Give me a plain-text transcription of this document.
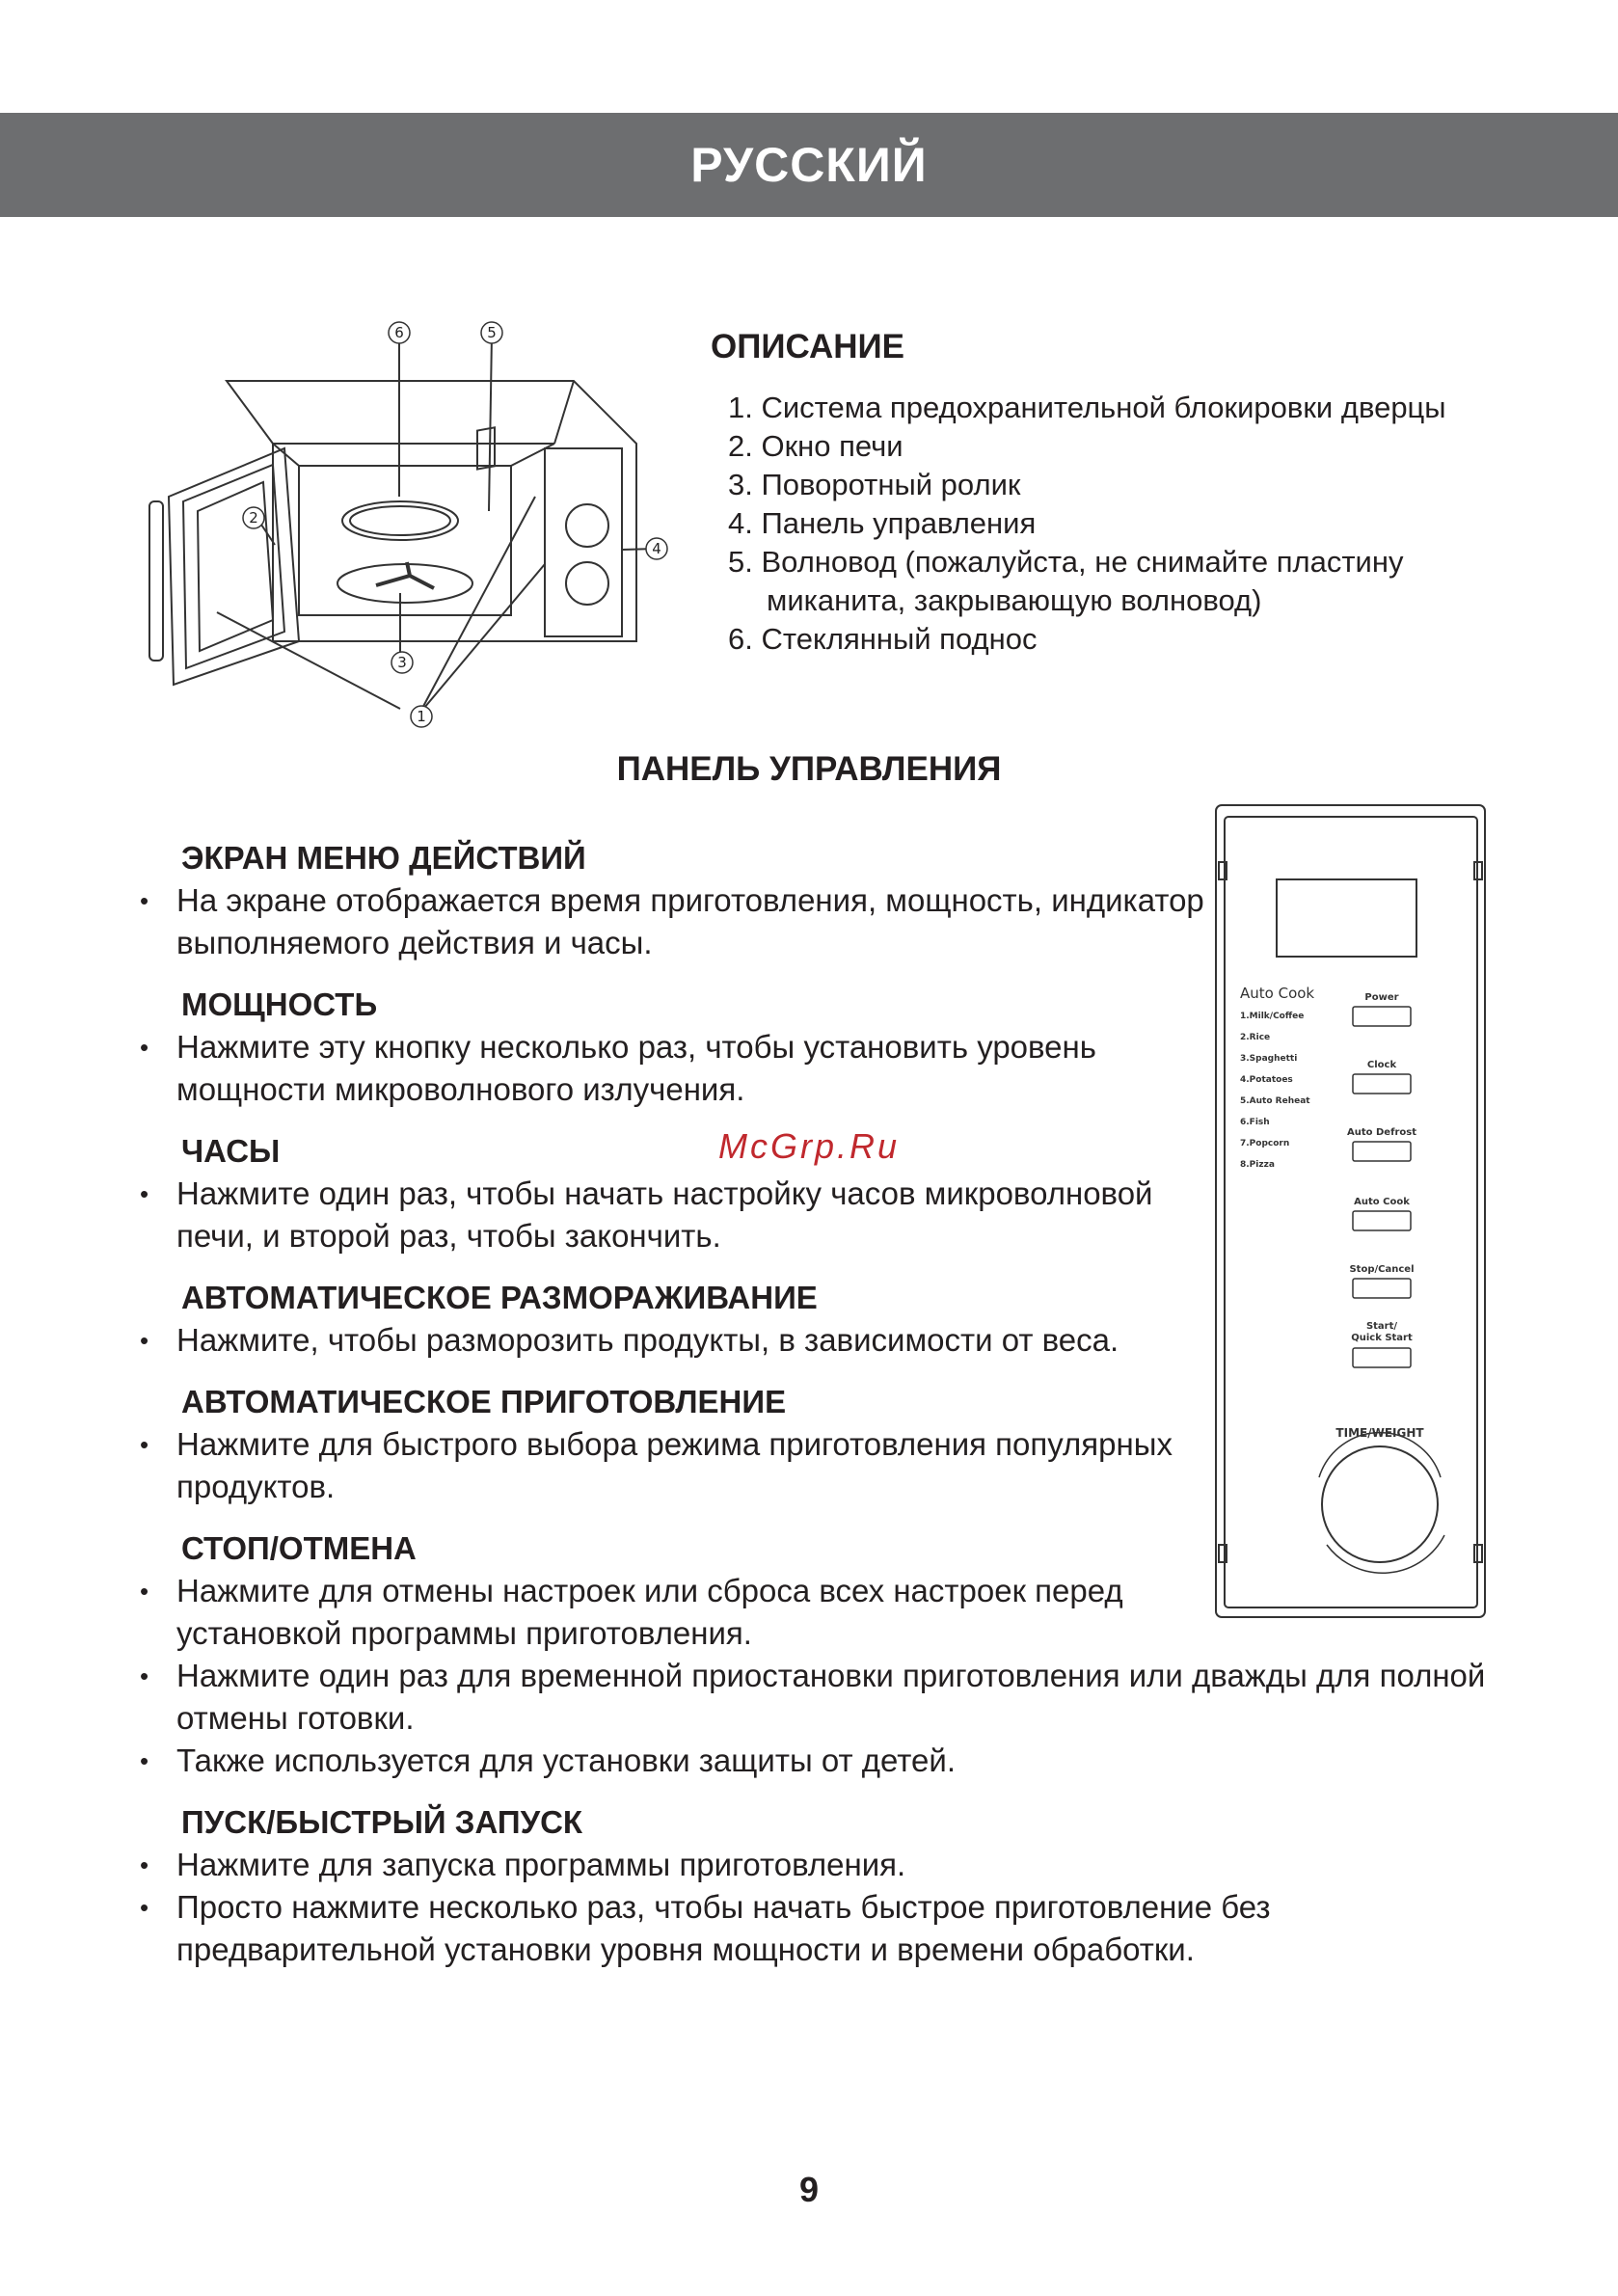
РУССКИЙ
6	5
2
4
3
1
ОПИСАНИЕ
1. Система предохранительной блокировки дверцы
2. Окно печи
3. Поворотный ролик
4. Панель управления
5. Волновод (пожалуйста, не снимайте пластину
миканита, закрывающую волновод)
6. Стеклянный поднос
ПАНЕЛЬ УПРАВЛЕНИЯ
ЭКРАН МЕНЮ ДЕЙСТВИЙ
• На экране отображается время приготовления, мощность, индикатор выполняемого действия и часы.
МОЩНОСТЬ
• Нажмите эту кнопку несколько раз, чтобы установить уровень мощности микроволнового излучения.
ЧАСЫ
• Нажмите один раз, чтобы начать настройку часов микроволновой печи, и второй раз, чтобы закончить.
АВТОМАТИЧЕСКОЕ РАЗМОРАЖИВАНИЕ
• Нажмите, чтобы разморозить продукты, в зависимости от веса.
АВТОМАТИЧЕСКОЕ ПРИГОТОВЛЕНИЕ
• Нажмите для быстрого выбора режима приготовления популярных продуктов.
СТОП/ОТМЕНА
• Нажмите для отмены настроек или сброса всех настроек перед установкой программы приготовления.
• Нажмите один раз для временной приостановки приготовления или дважды для полной отмены готовки.
• Также используется для установки защиты от детей.
ПУСК/БЫСТРЫЙ ЗАПУСК
• Нажмите для запуска программы приготовления.
• Просто нажмите несколько раз, чтобы начать быстрое приготовление без предварительной установки уровня мощности и времени обработки.
McGrp.Ru
Auto Cook
1.Milk/Coffee
2.Rice
3.Spaghetti
4.Potatoes
5.Auto Reheat
6.Fish
7.Popcorn
8.Pizza
Power
Clock
Auto Defrost
Auto Cook
Stop/Cancel
Start/
Quick Start
TIME/WEIGHT
9
